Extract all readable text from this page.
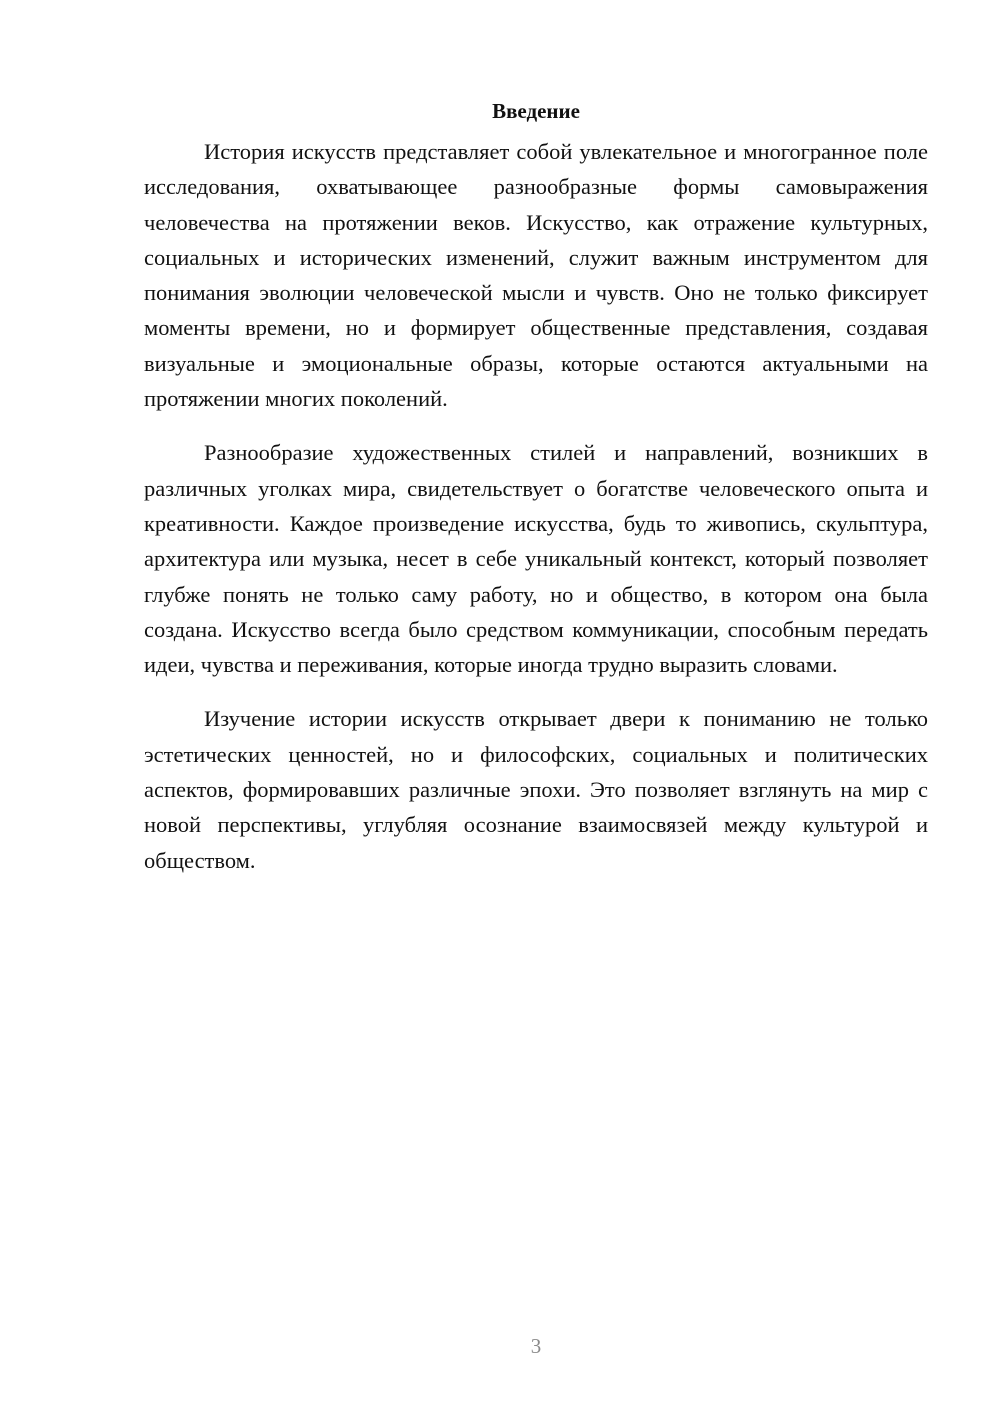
Введение

История искусств представляет собой увлекательное и многогранное поле исследования, охватывающее разнообразные формы самовыражения человечества на протяжении веков. Искусство, как отражение культурных, социальных и исторических изменений, служит важным инструментом для понимания эволюции человеческой мысли и чувств. Оно не только фиксирует моменты времени, но и формирует общественные представления, создавая визуальные и эмоциональные образы, которые остаются актуальными на протяжении многих поколений.

Разнообразие художественных стилей и направлений, возникших в различных уголках мира, свидетельствует о богатстве человеческого опыта и креативности. Каждое произведение искусства, будь то живопись, скульптура, архитектура или музыка, несет в себе уникальный контекст, который позволяет глубже понять не только саму работу, но и общество, в котором она была создана. Искусство всегда было средством коммуникации, способным передать идеи, чувства и переживания, которые иногда трудно выразить словами.

Изучение истории искусств открывает двери к пониманию не только эстетических ценностей, но и философских, социальных и политических аспектов, формировавших различные эпохи. Это позволяет взглянуть на мир с новой перспективы, углубляя осознание взаимосвязей между культурой и обществом.

3
